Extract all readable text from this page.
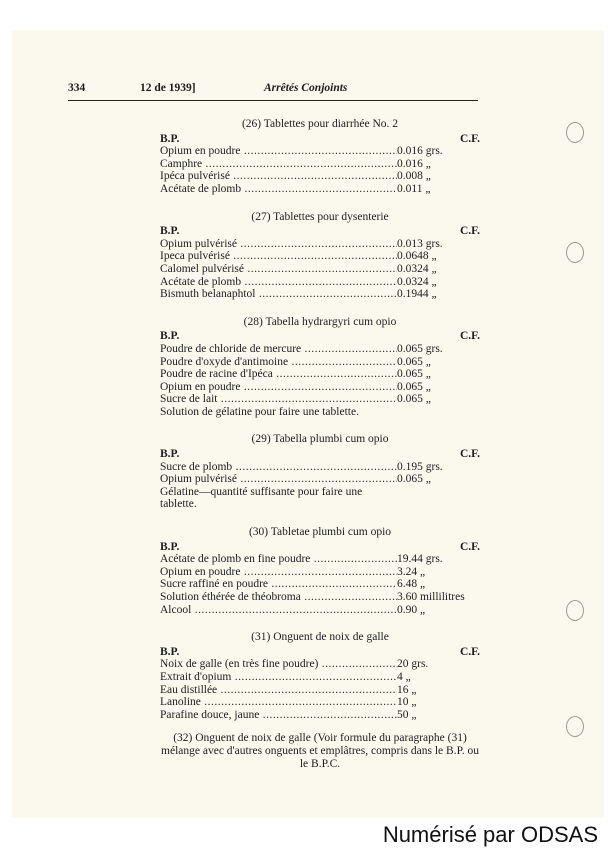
334	12 de 1939]	Arrêtés Conjoints
(26) Tablettes pour diarrhée No. 2
B.P.	C.F.
Opium en poudre .....	0.016 grs.
Camphre .....	0.016 „
Ipéca pulvérisé .....	0.008 „
Acétate de plomb .....	0.011 „
(27) Tablettes pour dysenterie
B.P.	C.F.
Opium pulvérisé .....	0.013 grs.
Ipeca pulvérisé .....	0.0648 „
Calomel pulvérisé .....	0.0324 „
Acétate de plomb .....	0.0324 „
Bismuth belanaphtol .....	0.1944 „
(28) Tabella hydrargyri cum opio
B.P.	C.F.
Poudre de chloride de mercure .....	0.065 grs.
Poudre d'oxyde d'antimoine .....	0.065 „
Poudre de racine d'Ipéca .....	0.065 „
Opium en poudre .....	0.065 „
Sucre de lait .....	0.065 „
Solution de gélatine pour faire une tablette.
(29) Tabella plumbi cum opio
B.P.	C.F.
Sucre de plomb .....	0.195 grs.
Opium pulvérisé .....	0.065 „
Gélatine—quantité suffisante pour faire une tablette.
(30) Tabletae plumbi cum opio
B.P.	C.F.
Acétate de plomb en fine poudre .....	19.44 grs.
Opium en poudre .....	3.24 „
Sucre raffiné en poudre .....	6.48 „
Solution éthérée de théobroma .....	3.60 millilitres
Alcool .....	0.90 „
(31) Onguent de noix de galle
B.P.	C.F.
Noix de galle (en très fine poudre) .....	20 grs.
Extrait d'opium .....	4 „
Eau distillée .....	16 „
Lanoline .....	10 „
Parafine douce, jaune .....	50 „
(32) Onguent de noix de galle (Voir formule du paragraphe (31) mélange avec d'autres onguents et emplâtres, compris dans le B.P. ou le B.P.C.
Numérisé par ODSAS
